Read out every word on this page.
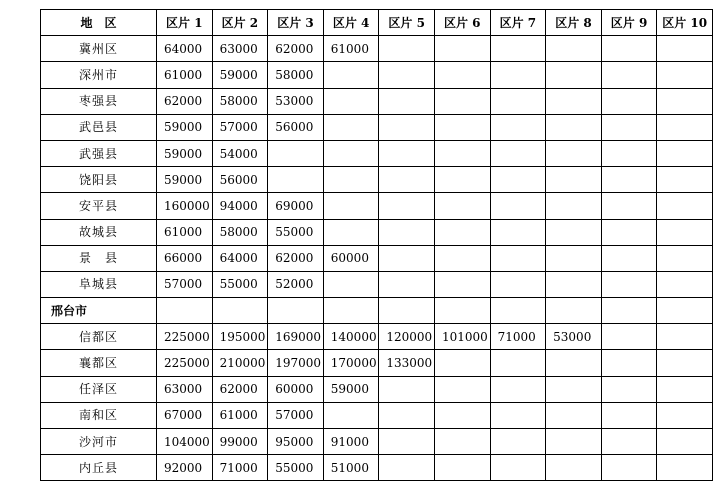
地　区	区片 1	区片 2	区片 3	区片 4	区片 5	区片 6	区片 7	区片 8	区片 9	区片 10
冀州区	64000	63000	62000	61000						
深州市	61000	59000	58000							
枣强县	62000	58000	53000							
武邑县	59000	57000	56000							
武强县	59000	54000								
饶阳县	59000	56000								
安平县	160000	94000	69000							
故城县	61000	58000	55000							
景　县	66000	64000	62000	60000						
阜城县	57000	55000	52000							
邢台市										
信都区	225000	195000	169000	140000	120000	101000	71000	53000		
襄都区	225000	210000	197000	170000	133000					
任泽区	63000	62000	60000	59000						
南和区	67000	61000	57000							
沙河市	104000	99000	95000	91000						
内丘县	92000	71000	55000	51000						
